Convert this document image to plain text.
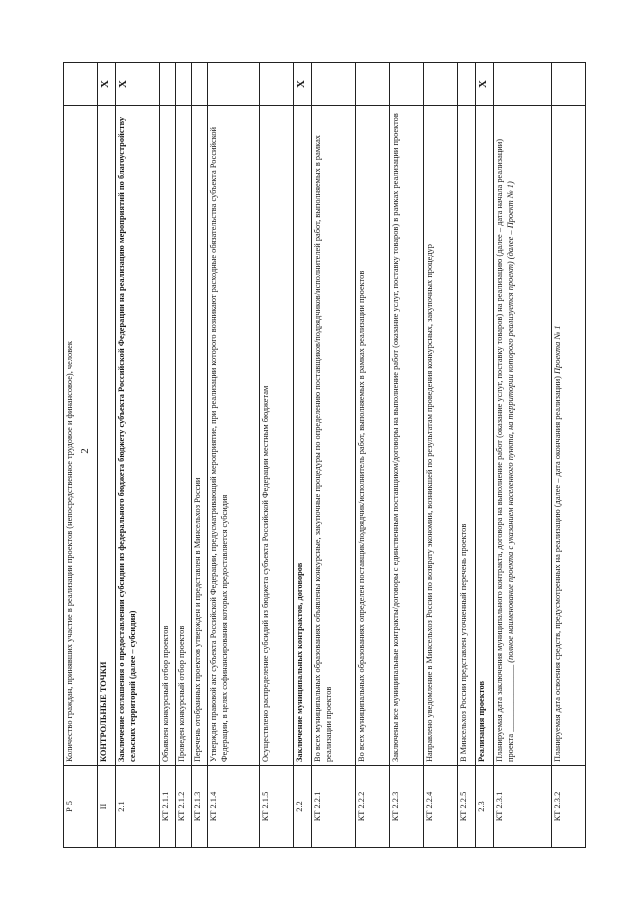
2
Р 5	Количество граждан, принявших участие в реализации проектов (непосредственное трудовое и финансовое), человек	
II	КОНТРОЛЬНЫЕ ТОЧКИ	X
2.1	Заключение соглашения о предоставлении субсидии из федерального бюджета бюджету субъекта Российской Федерации на реализацию мероприятий по благоустройству сельских территорий (далее – субсидия)	X
КТ 2.1.1	Объявлен конкурсный отбор проектов	
КТ 2.1.2	Проведен конкурсный отбор проектов	
КТ 2.1.3	Перечень отобранных проектов утвержден и представлен в Минсельхоз России	
КТ 2.1.4	Утвержден правовой акт субъекта Российской Федерации, предусматривающий мероприятие, при реализации которого возникают расходные обязательства субъекта Российской Федерации, в целях софинансирования которых предоставляется субсидия	
КТ 2.1.5	Осуществлено распределение субсидий из бюджета субъекта Российской Федерации местным бюджетам	
2.2	Заключение муниципальных контрактов, договоров	X
КТ 2.2.1	Во всех муниципальных образованиях объявлены конкурсные, закупочные процедуры по определению поставщиков/подрядчиков/исполнителей работ, выполняемых в рамках реализации проектов	
КТ 2.2.2	Во всех муниципальных образованиях определен поставщик/подрядчик/исполнитель работ, выполняемых в рамках реализации проектов	
КТ 2.2.3	Заключены все муниципальные контракты/договоры с единственным поставщиком/договоры на выполнение работ (оказание услуг, поставку товаров) в рамках реализации проектов	
КТ 2.2.4	Направлено уведомление в Минсельхоз России по возврату экономии, возникшей по результатам проведения конкурсных, закупочных процедур	
КТ 2.2.5	В Минсельхоз России представлен уточненный перечень проектов	
2.3	Реализация проектов	X
КТ 2.3.1	Планируемая дата заключения муниципального контракта, договора на выполнение работ (оказание услуг, поставку товаров) на реализацию (далее – дата начала реализации) проекта ________________ (полное наименование проекта с указанием населенного пункта, на территории которого реализуется проект) (далее – Проект № 1)	
КТ 2.3.2	Планируемая дата освоения средств, предусмотренных на реализацию (далее – дата окончания реализации) Проекта № 1	
